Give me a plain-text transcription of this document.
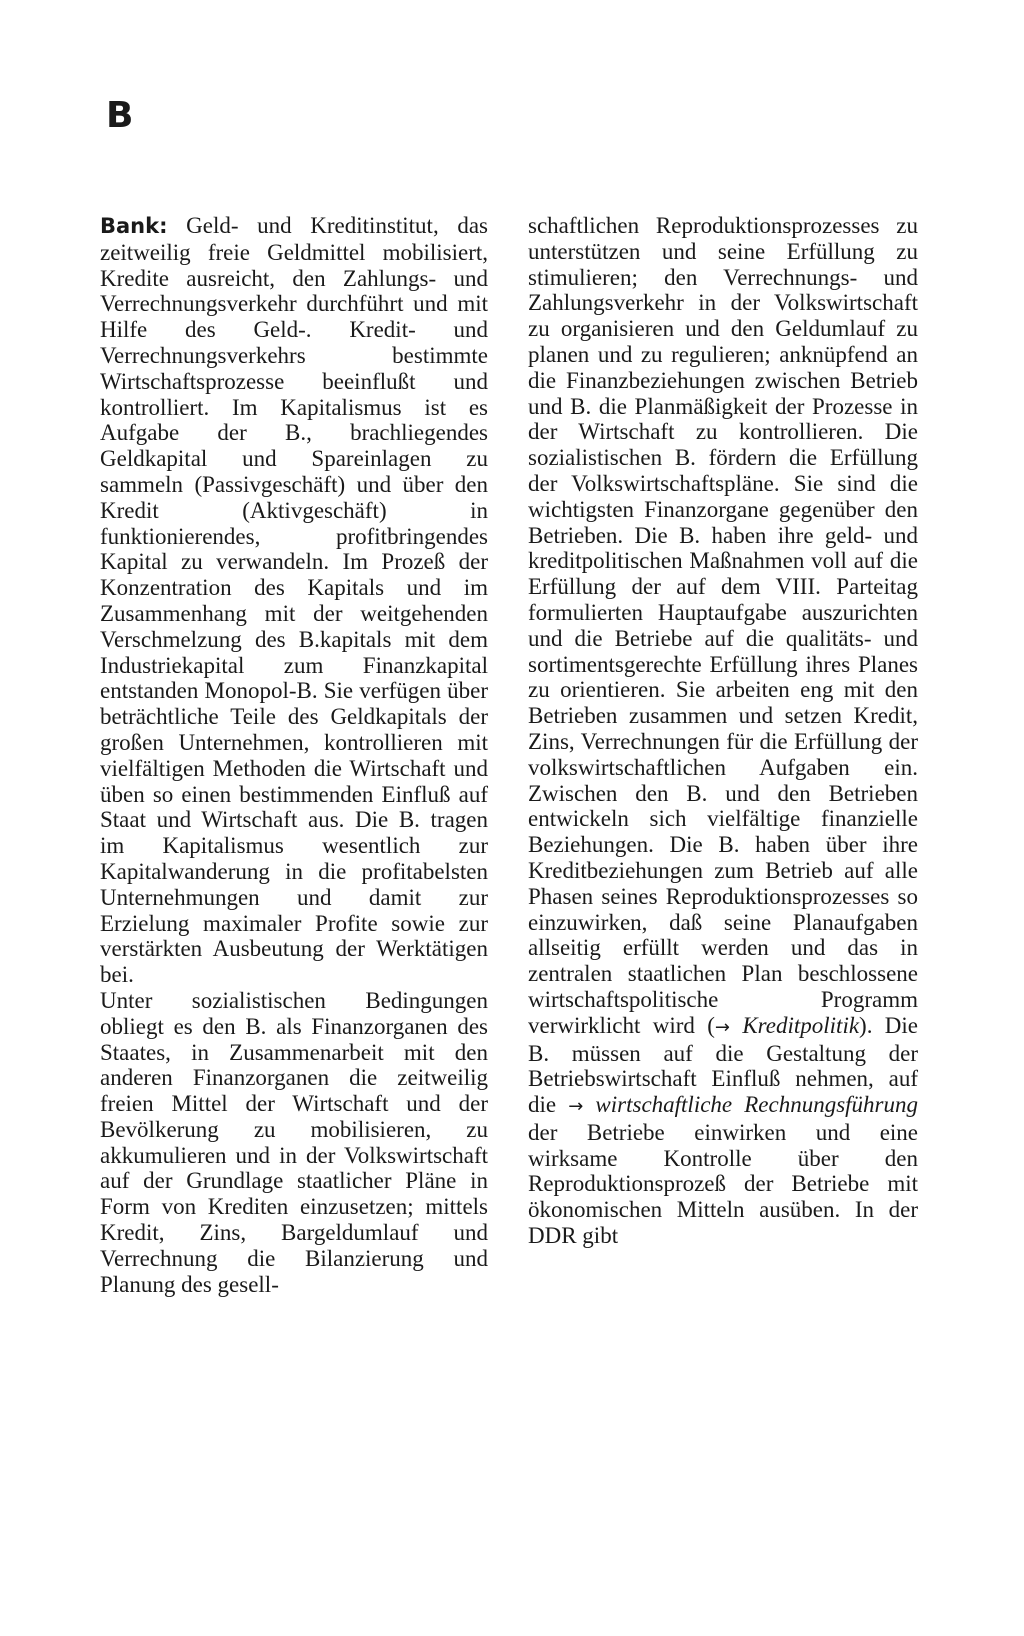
B

Bank: Geld- und Kreditinstitut, das zeitweilig freie Geldmittel mobilisiert, Kredite ausreicht, den Zahlungs- und Verrechnungsverkehr durchführt und mit Hilfe des Geld-. Kredit- und Verrechnungsverkehrs bestimmte Wirtschaftsprozesse beeinflußt und kontrolliert. Im Kapitalismus ist es Aufgabe der B., brachliegendes Geldkapital und Spareinlagen zu sammeln (Passivgeschäft) und über den Kredit (Aktivgeschäft) in funktionierendes, profitbringendes Kapital zu verwandeln. Im Prozeß der Konzentration des Kapitals und im Zusammenhang mit der weitgehenden Verschmelzung des B.kapitals mit dem Industriekapital zum Finanzkapital entstanden Monopol-B. Sie verfügen über beträchtliche Teile des Geldkapitals der großen Unternehmen, kontrollieren mit vielfältigen Methoden die Wirtschaft und üben so einen bestimmenden Einfluß auf Staat und Wirtschaft aus. Die B. tragen im Kapitalismus wesentlich zur Kapitalwanderung in die profitabelsten Unternehmungen und damit zur Erzielung maximaler Profite sowie zur verstärkten Ausbeutung der Werktätigen bei.

Unter sozialistischen Bedingungen obliegt es den B. als Finanzorganen des Staates, in Zusammenarbeit mit den anderen Finanzorganen die zeitweilig freien Mittel der Wirtschaft und der Bevölkerung zu mobilisieren, zu akkumulieren und in der Volkswirtschaft auf der Grundlage staatlicher Pläne in Form von Krediten einzusetzen; mittels Kredit, Zins, Bargeldumlauf und Verrechnung die Bilanzierung und Planung des gesell-

schaftlichen Reproduktionsprozesses zu unterstützen und seine Erfüllung zu stimulieren; den Verrechnungs- und Zahlungsverkehr in der Volkswirtschaft zu organisieren und den Geldumlauf zu planen und zu regulieren; anknüpfend an die Finanzbeziehungen zwischen Betrieb und B. die Planmäßigkeit der Prozesse in der Wirtschaft zu kontrollieren. Die sozialistischen B. fördern die Erfüllung der Volkswirtschaftspläne. Sie sind die wichtigsten Finanzorgane gegenüber den Betrieben. Die B. haben ihre geld- und kreditpolitischen Maßnahmen voll auf die Erfüllung der auf dem VIII. Parteitag formulierten Hauptaufgabe auszurichten und die Betriebe auf die qualitäts- und sortimentsgerechte Erfüllung ihres Planes zu orientieren. Sie arbeiten eng mit den Betrieben zusammen und setzen Kredit, Zins, Verrechnungen für die Erfüllung der volkswirtschaftlichen Aufgaben ein. Zwischen den B. und den Betrieben entwickeln sich vielfältige finanzielle Beziehungen. Die B. haben über ihre Kreditbeziehungen zum Betrieb auf alle Phasen seines Reproduktionsprozesses so einzuwirken, daß seine Planaufgaben allseitig erfüllt werden und das in zentralen staatlichen Plan beschlossene wirtschaftspolitische Programm verwirklicht wird (→ Kreditpolitik). Die B. müssen auf die Gestaltung der Betriebswirtschaft Einfluß nehmen, auf die → wirtschaftliche Rechnungsführung der Betriebe einwirken und eine wirksame Kontrolle über den Reproduktionsprozeß der Betriebe mit ökonomischen Mitteln ausüben. In der DDR gibt
